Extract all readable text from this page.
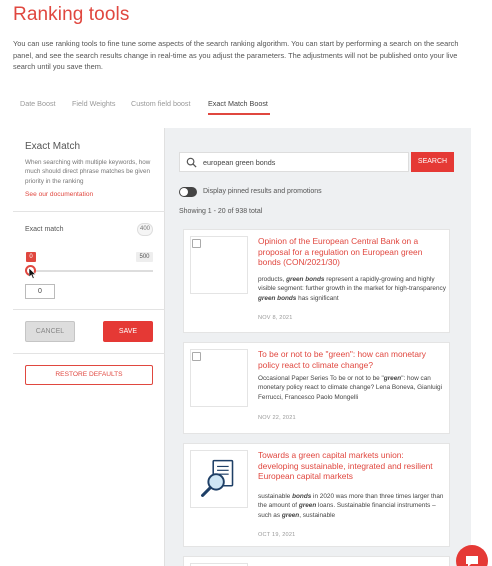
Ranking tools

You can use ranking tools to fine tune some aspects of the search ranking algorithm. You can start by performing a search on the search panel, and see the search results change in real-time as you adjust the parameters. The adjustments will not be published onto your live search until you save them.

Date Boost Field Weights Custom field boost Exact Match Boost
Exact Match
When searching with multiple keywords, how much should direct phrase matches be given priority in the ranking
See our documentation
Exact match	400
0	500
0
CANCEL	SAVE
RESTORE DEFAULTS
european green bonds	SEARCH
Display pinned results and promotions
Showing 1 - 20 of 938 total
Opinion of the European Central Bank on a proposal for a regulation on European green bonds (CON/2021/30)
products, green bonds represent a rapidly-growing and highly visible segment: further growth in the market for high-transparency green bonds has significant
NOV 8, 2021
To be or not to be "green": how can monetary policy react to climate change?
Occasional Paper Series To be or not to be "green": how can monetary policy react to climate change? Lena Boneva, Gianluigi Ferrucci, Francesco Paolo Mongelli
NOV 22, 2021
Towards a green capital markets union: developing sustainable, integrated and resilient European capital markets
sustainable bonds in 2020 was more than three times larger than the amount of green loans. Sustainable financial instruments – such as green, sustainable
OCT 19, 2021
